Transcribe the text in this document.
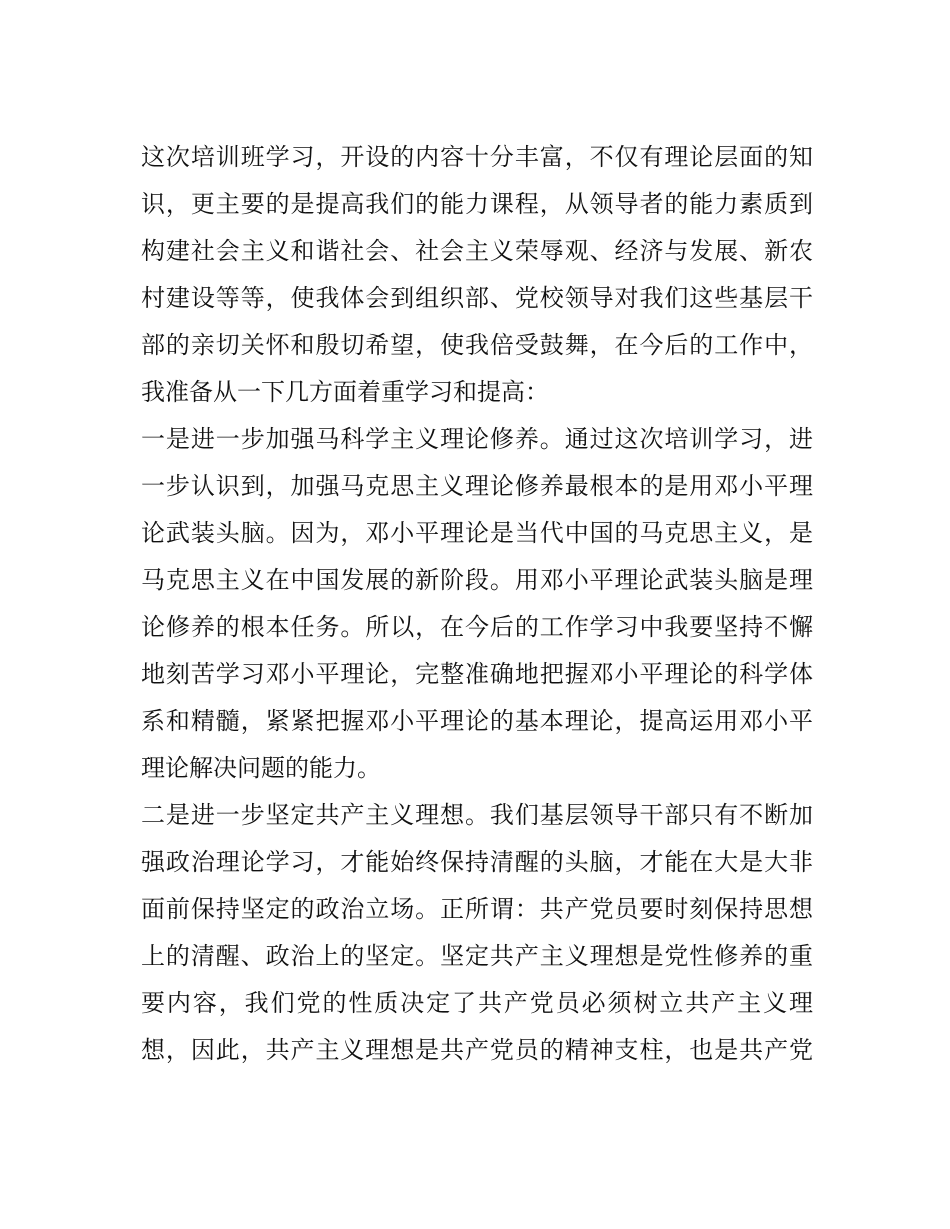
这次培训班学习，开设的内容十分丰富，不仅有理论层面的知
识，更主要的是提高我们的能力课程，从领导者的能力素质到
构建社会主义和谐社会、社会主义荣辱观、经济与发展、新农
村建设等等，使我体会到组织部、党校领导对我们这些基层干
部的亲切关怀和殷切希望，使我倍受鼓舞，在今后的工作中，
我准备从一下几方面着重学习和提高：
一是进一步加强马科学主义理论修养。通过这次培训学习，进
一步认识到，加强马克思主义理论修养最根本的是用邓小平理
论武装头脑。因为，邓小平理论是当代中国的马克思主义，是
马克思主义在中国发展的新阶段。用邓小平理论武装头脑是理
论修养的根本任务。所以，在今后的工作学习中我要坚持不懈
地刻苦学习邓小平理论，完整准确地把握邓小平理论的科学体
系和精髓，紧紧把握邓小平理论的基本理论，提高运用邓小平
理论解决问题的能力。
二是进一步坚定共产主义理想。我们基层领导干部只有不断加
强政治理论学习，才能始终保持清醒的头脑，才能在大是大非
面前保持坚定的政治立场。正所谓：共产党员要时刻保持思想
上的清醒、政治上的坚定。坚定共产主义理想是党性修养的重
要内容，我们党的性质决定了共产党员必须树立共产主义理
想，因此，共产主义理想是共产党员的精神支柱，也是共产党
